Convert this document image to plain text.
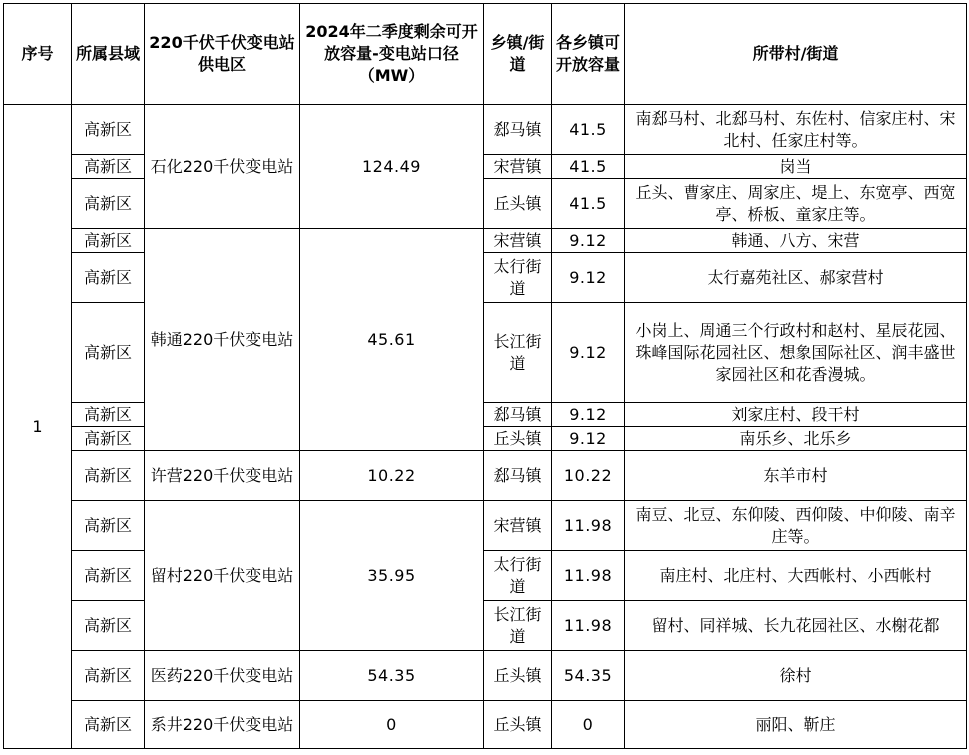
序号	所属县域	220千伏千伏变电站供电区	2024年二季度剩余可开放容量-变电站口径（MW）	乡镇/街道	各乡镇可开放容量	所带村/街道
1	高新区	石化220千伏变电站	124.49	郄马镇	41.5	南郄马村、北郄马村、东佐村、信家庄村、宋北村、任家庄村等。
	高新区			宋营镇	41.5	岗当
	高新区			丘头镇	41.5	丘头、曹家庄、周家庄、堤上、东宽亭、西宽亭、桥板、童家庄等。
	高新区	韩通220千伏变电站	45.61	宋营镇	9.12	韩通、八方、宋营
	高新区			太行街道	9.12	太行嘉苑社区、郝家营村
	高新区			长江街道	9.12	小岗上、周通三个行政村和赵村、星辰花园、珠峰国际花园社区、想象国际社区、润丰盛世家园社区和花香漫城。
	高新区			郄马镇	9.12	刘家庄村、段干村
	高新区			丘头镇	9.12	南乐乡、北乐乡
	高新区	许营220千伏变电站	10.22	郄马镇	10.22	东羊市村
	高新区	留村220千伏变电站	35.95	宋营镇	11.98	南豆、北豆、东仰陵、西仰陵、中仰陵、南辛庄等。
	高新区			太行街道	11.98	南庄村、北庄村、大西帐村、小西帐村
	高新区			长江街道	11.98	留村、同祥城、长九花园社区、水榭花都
	高新区	医药220千伏变电站	54.35	丘头镇	54.35	徐村
	高新区	系井220千伏变电站	0	丘头镇	0	丽阳、靳庄
